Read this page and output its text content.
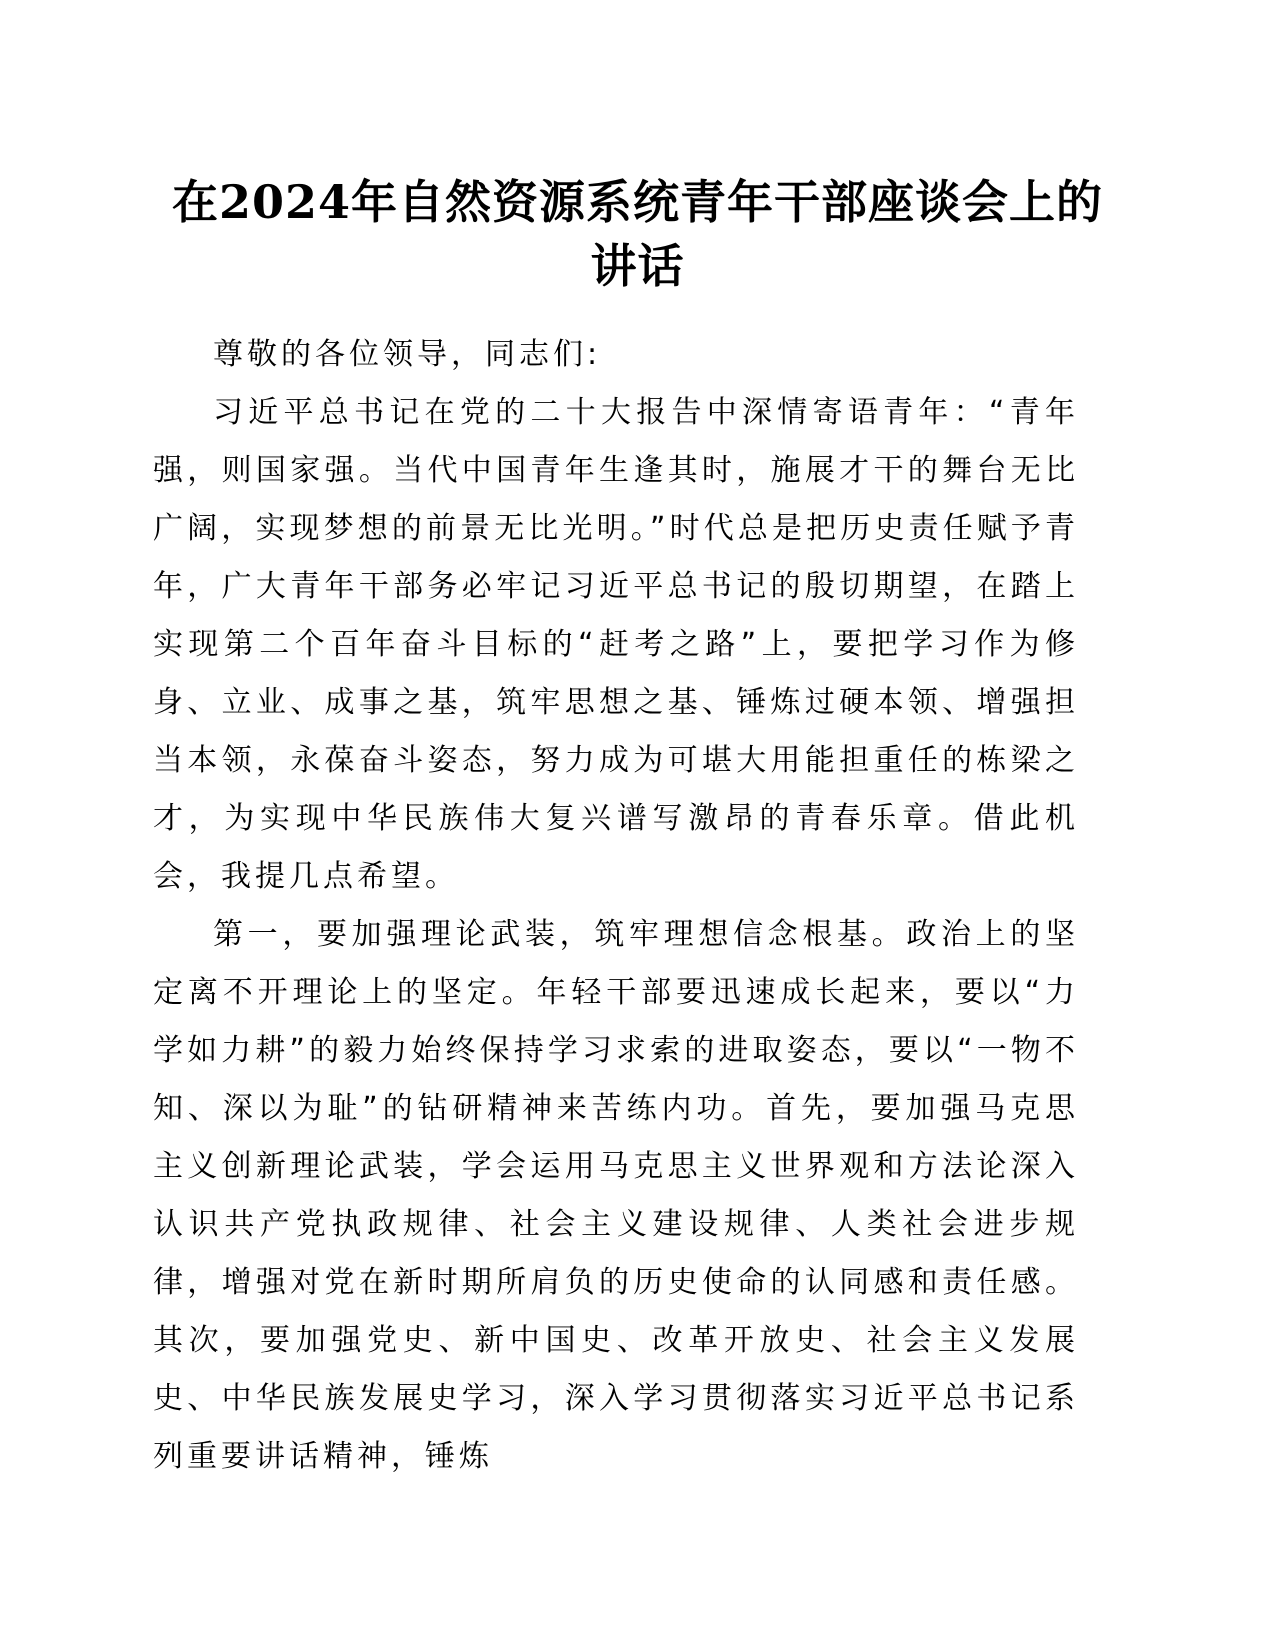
在2024年自然资源系统青年干部座谈会上的讲话

尊敬的各位领导，同志们:

习近平总书记在党的二十大报告中深情寄语青年：“青年强，则国家强。当代中国青年生逢其时，施展才干的舞台无比广阔，实现梦想的前景无比光明。”时代总是把历史责任赋予青年，广大青年干部务必牢记习近平总书记的殷切期望，在踏上实现第二个百年奋斗目标的“赶考之路”上，要把学习作为修身、立业、成事之基，筑牢思想之基、锤炼过硬本领、增强担当本领，永葆奋斗姿态，努力成为可堪大用能担重任的栋梁之才，为实现中华民族伟大复兴谱写激昂的青春乐章。借此机会，我提几点希望。

第一，要加强理论武装，筑牢理想信念根基。政治上的坚定离不开理论上的坚定。年轻干部要迅速成长起来，要以“力学如力耕”的毅力始终保持学习求索的进取姿态，要以“一物不知、深以为耻”的钻研精神来苦练内功。首先，要加强马克思主义创新理论武装，学会运用马克思主义世界观和方法论深入认识共产党执政规律、社会主义建设规律、人类社会进步规律，增强对党在新时期所肩负的历史使命的认同感和责任感。其次，要加强党史、新中国史、改革开放史、社会主义发展史、中华民族发展史学习，深入学习贯彻落实习近平总书记系列重要讲话精神，锤炼
